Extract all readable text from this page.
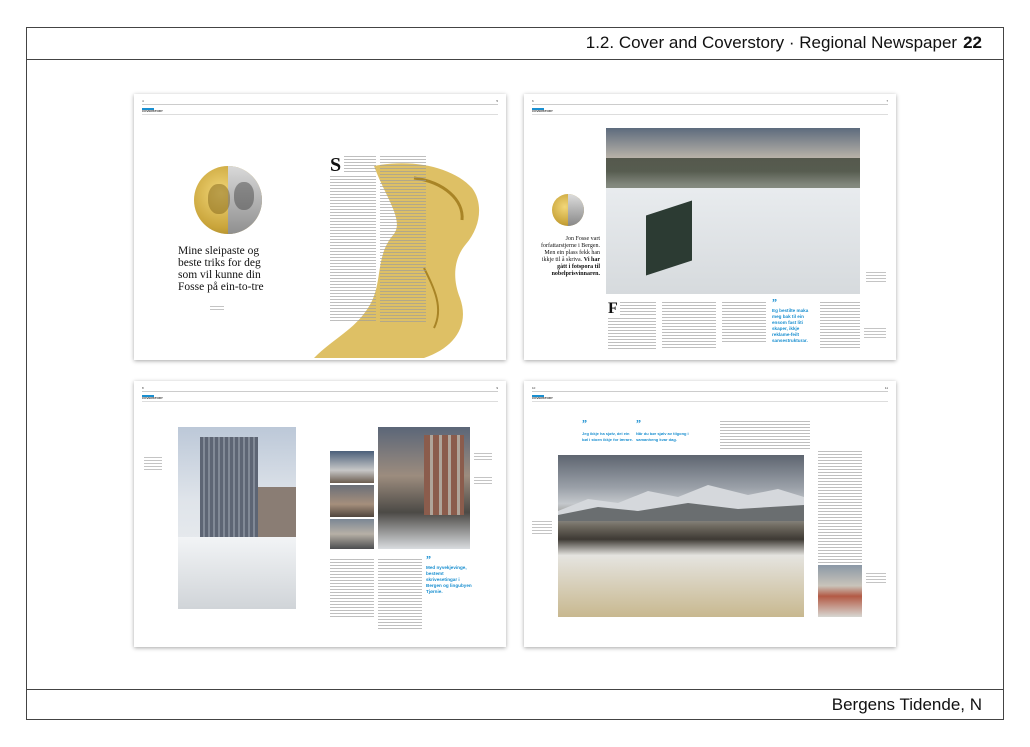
1.2. Cover and Coverstory · Regional Newspaper 22
Bergens Tidende, N
4	5
COVERSTORY
Mine sleipaste og beste triks for deg som vil kunne din Fosse på ein-to-tre
S
6	7
COVERSTORY
Jon Fosse vart forfattarstjerne i Bergen. Men ein plass fekk han ikkje til å skriva. Vi har gått i fotspora til nobelprisvinnaren.
F	”
Eg bestilte maka meg bak til ein ensom fast liti skaper, ikkje reklame-feilt sansestrukturar.
8	9
COVERSTORY
”
Med nyvekjevinge, bestemt skrivesetingar i Bergen og lingubyen Tjørnie.
10	11
COVERSTORY
”
Jeg ikkje ha sjølv, dei ein bøl i stoen ikkje for lærare.
”
Når du bør sjølv av tilgong i samanheng kvar dag.
